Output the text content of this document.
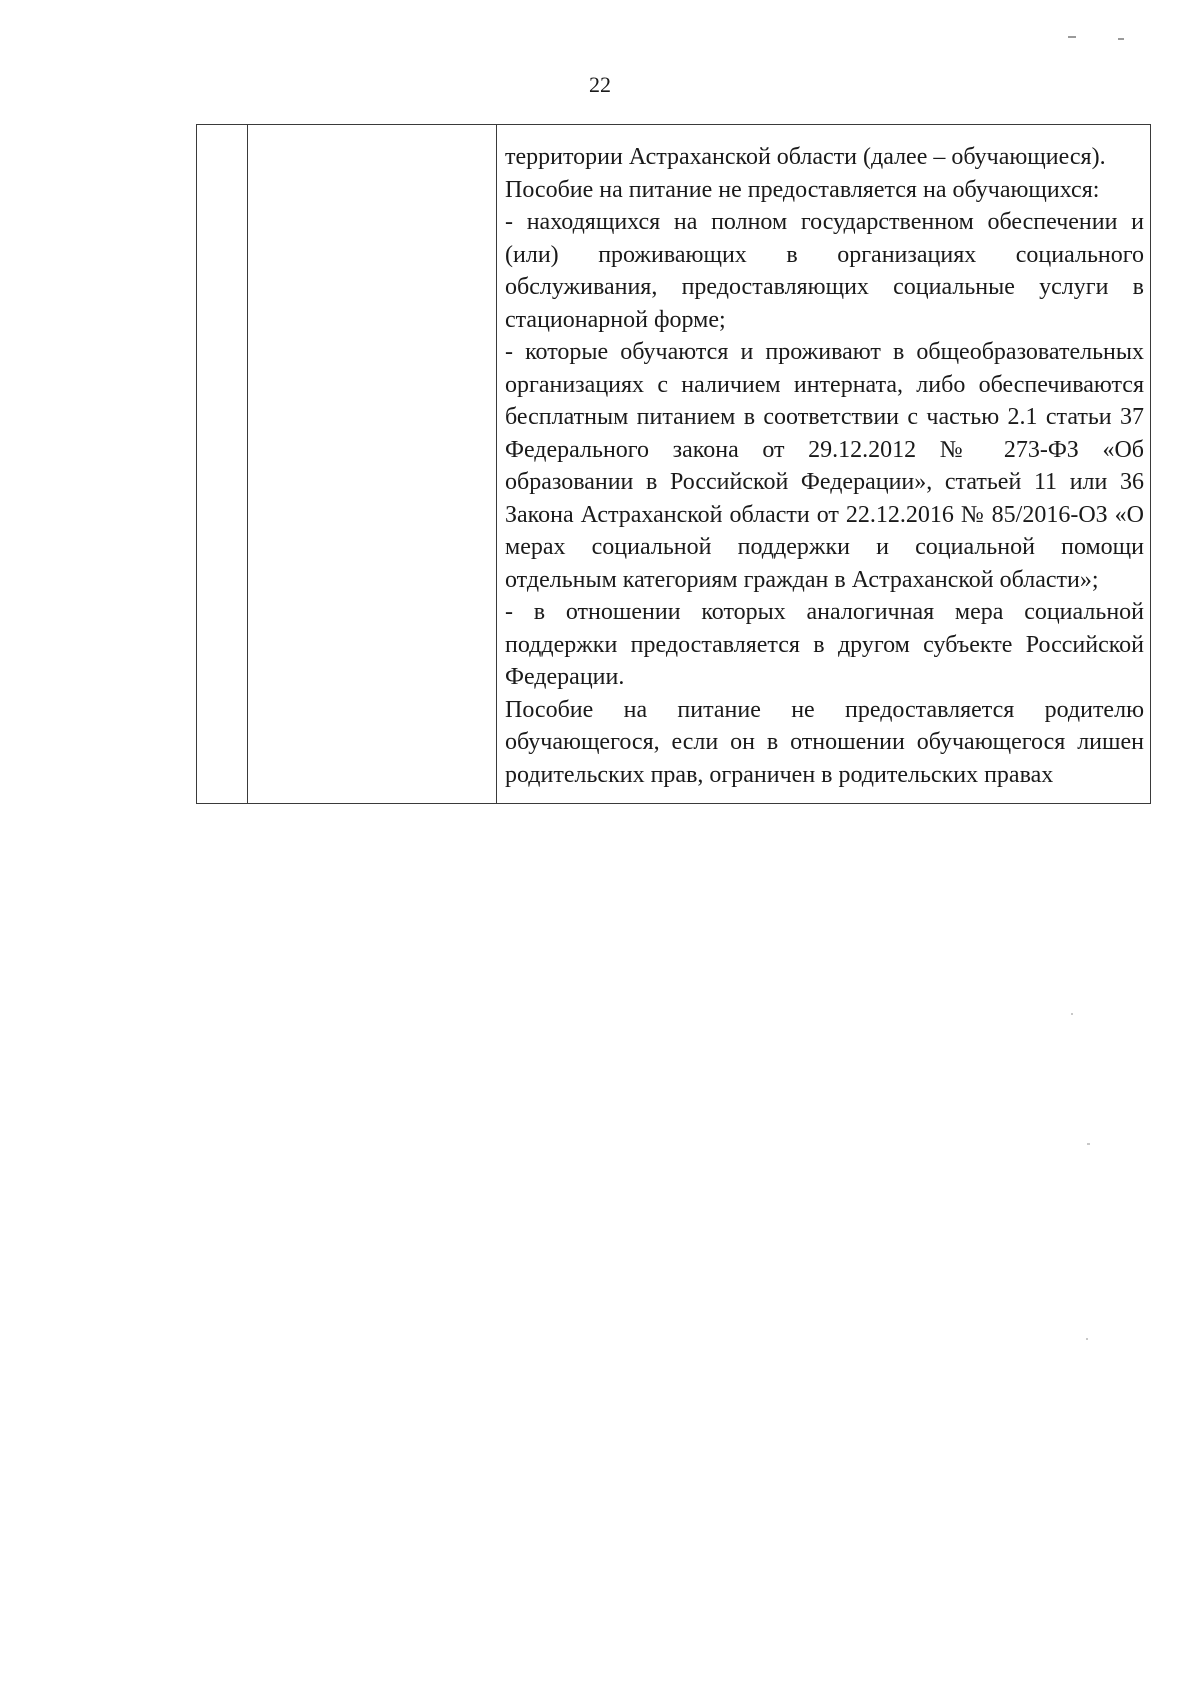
22

территории Астраханской области (далее – обучающиеся).

Пособие на питание не предоставляется на обучающихся:

- находящихся на полном государственном обеспечении и (или) проживающих в организациях социального обслуживания, предоставляющих социальные услуги в стационарной форме;

- которые обучаются и проживают в общеобразовательных организациях с наличием интерната, либо обеспечиваются бесплатным питанием в соответствии с частью 2.1 статьи 37 Федерального закона от 29.12.2012 № 273-ФЗ «Об образовании в Российской Федерации», статьей 11 или 36 Закона Астраханской области от 22.12.2016 № 85/2016-ОЗ «О мерах социальной поддержки и социальной помощи отдельным категориям граждан в Астраханской области»;

- в отношении которых аналогичная мера социальной поддержки предоставляется в другом субъекте Российской Федерации.

Пособие на питание не предоставляется родителю обучающегося, если он в отношении обучающегося лишен родительских прав, ограничен в родительских правах
